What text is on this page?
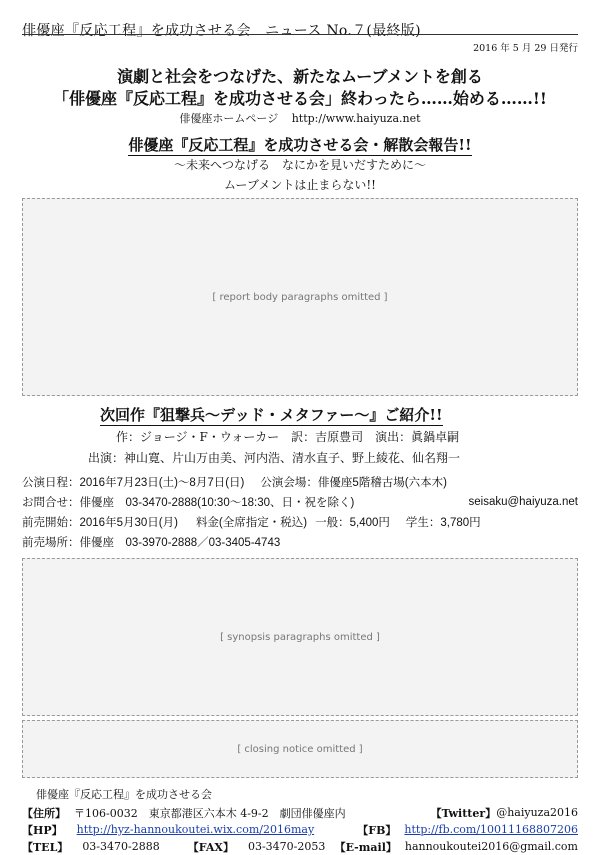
俳優座『反応工程』を成功させる会　ニュース No.７(最終版)
2016 年 5 月 29 日発行
演劇と社会をつなげた、新たなムーブメントを創る
「俳優座『反応工程』を成功させる会」終わったら……始める……!!
俳優座ホームページ http://www.haiyuza.net
俳優座『反応工程』を成功させる会・解散会報告!!
～未来へつなげる　なにかを見いだすために～
ムーブメントは止まらない!!
[ report body paragraphs omitted ]
次回作『狙撃兵～デッド・メタファー～』ご紹介!!
作：ジョージ・F・ウォーカー　訳：吉原豊司　演出：眞鍋卓嗣
出演：神山寛、片山万由美、河内浩、清水直子、野上綾花、仙名翔一
公演日程： 2016年7月23日(土)～8月7日(日) 公演会場： 俳優座5階稽古場(六本木)
お問合せ： 俳優座　03-3470-2888(10:30～18:30、日・祝を除く)	seisaku@haiyuza.net
前売開始： 2016年5月30日(月) 料金(全席指定・税込) 一般：5,400円 学生：3,780円
前売場所： 俳優座　03-3970-2888／03-3405-4743
[ synopsis paragraphs omitted ]
[ closing notice omitted ]
俳優座『反応工程』を成功させる会
【住所】 〒106-0032　東京都港区六本木 4-9-2　劇団俳優座内	【Twitter】 @haiyuza2016
【HP】 http://hyz-hannoukoutei.wix.com/2016may	【FB】 http://fb.com/10011168807206
【TEL】 03-3470-2888	【FAX】 03-3470-2053 【E-mail】 hannoukoutei2016@gmail.com
